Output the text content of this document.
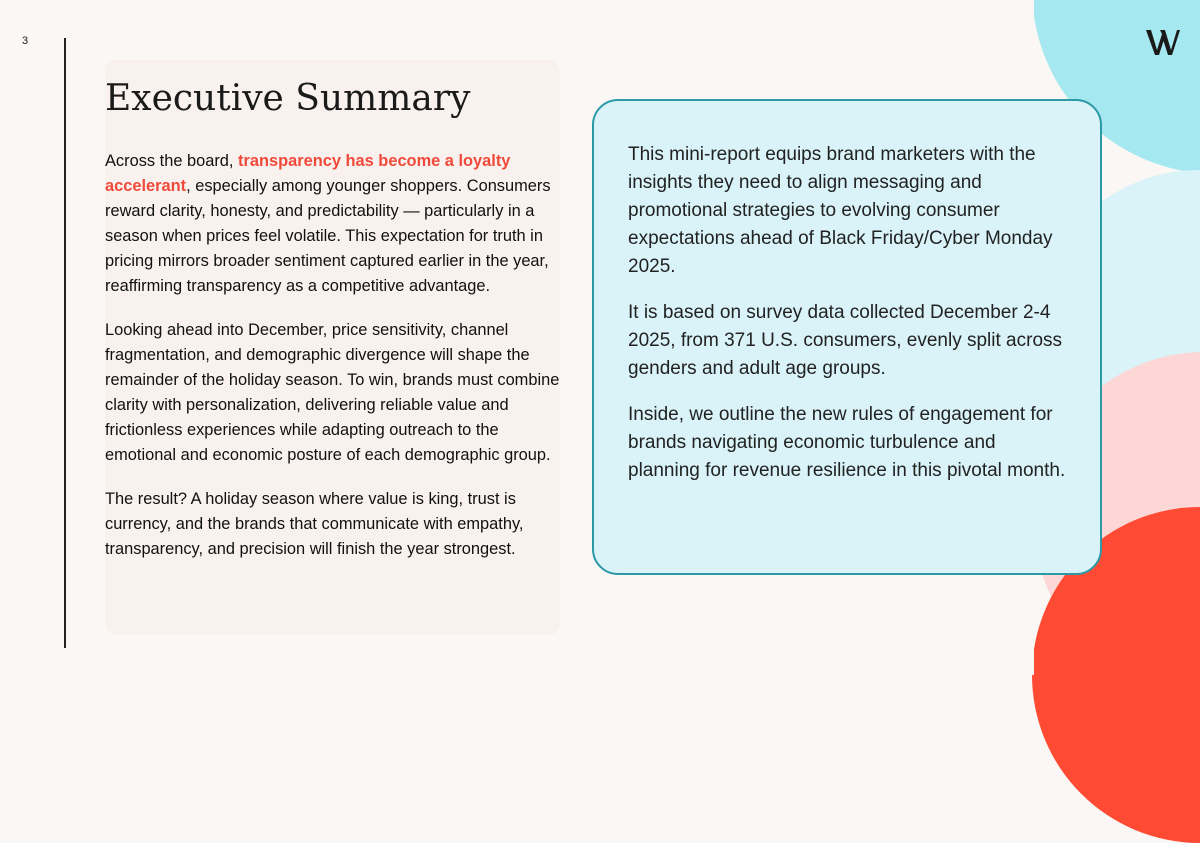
3
Executive Summary

Across the board, transparency has become a loyalty accelerant, especially among younger shoppers. Consumers reward clarity, honesty, and predictability — particularly in a season when prices feel volatile. This expectation for truth in pricing mirrors broader sentiment captured earlier in the year, reaffirming transparency as a competitive advantage.

Looking ahead into December, price sensitivity, channel fragmentation, and demographic divergence will shape the remainder of the holiday season. To win, brands must combine clarity with personalization, delivering reliable value and frictionless experiences while adapting outreach to the emotional and economic posture of each demographic group.

The result? A holiday season where value is king, trust is currency, and the brands that communicate with empathy, transparency, and precision will finish the year strongest.

This mini-report equips brand marketers with the insights they need to align messaging and promotional strategies to evolving consumer expectations ahead of Black Friday/Cyber Monday 2025.

It is based on survey data collected December 2-4 2025, from 371 U.S. consumers, evenly split across genders and adult age groups.

Inside, we outline the new rules of engagement for brands navigating economic turbulence and planning for revenue resilience in this pivotal month.
